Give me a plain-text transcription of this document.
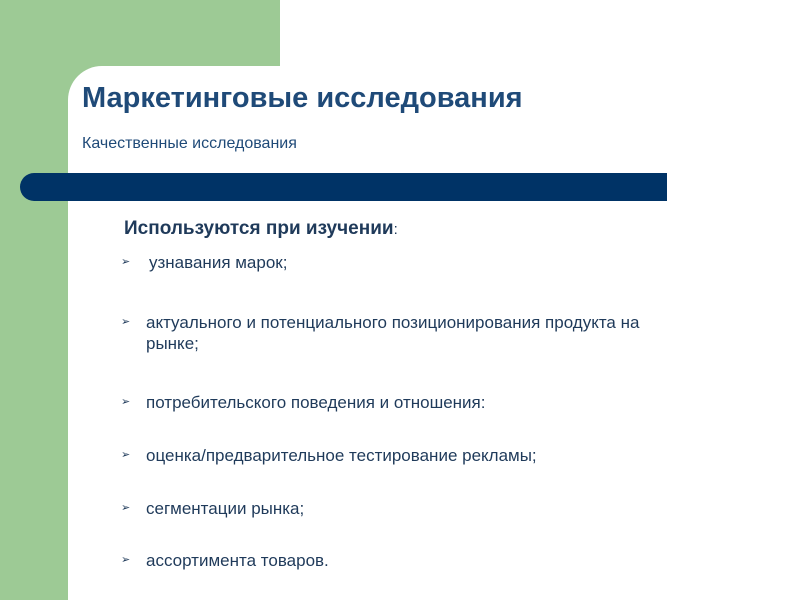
Маркетинговые исследования

Качественные исследования

Используются при изучении:

➢ узнавания марок;
➢ актуального и потенциального позиционирования продукта на рынке;
➢ потребительского поведения и отношения:
➢ оценка/предварительное тестирование рекламы;
➢ сегментации рынка;
➢ ассортимента товаров.
